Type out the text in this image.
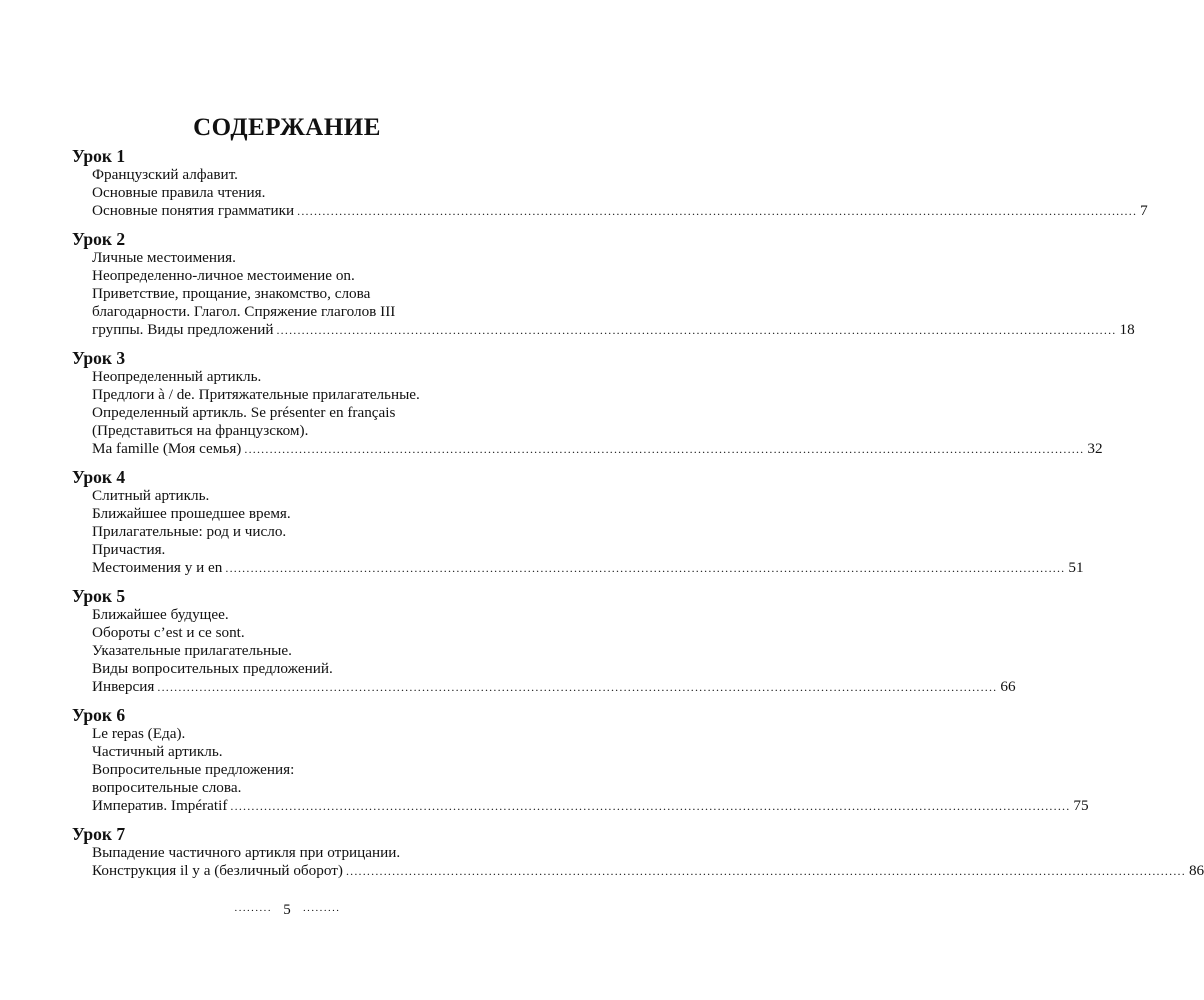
СОДЕРЖАНИЕ
Урок 1
Французский алфавит.
Основные правила чтения.
Основные понятия грамматики ........................................................................................................................................................................................................ 7
Урок 2
Личные местоимения.
Неопределенно-личное местоимение on.
Приветствие, прощание, знакомство, слова
благодарности. Глагол. Спряжение глаголов III
группы. Виды предложений ........................................................................................................................................................................................................ 18
Урок 3
Неопределенный артикль.
Предлоги à / de. Притяжательные прилагательные.
Определенный артикль. Se présenter en français
(Представиться на французском).
Ma famille (Моя семья) ........................................................................................................................................................................................................ 32
Урок 4
Слитный артикль.
Ближайшее прошедшее время.
Прилагательные: род и число.
Причастия.
Местоимения y и en ........................................................................................................................................................................................................ 51
Урок 5
Ближайшее будущее.
Обороты c’est и ce sont.
Указательные прилагательные.
Виды вопросительных предложений.
Инверсия ........................................................................................................................................................................................................ 66
Урок 6
Le repas (Еда).
Частичный артикль.
Вопросительные предложения:
вопросительные слова.
Императив. Impératif ........................................................................................................................................................................................................ 75
Урок 7
Выпадение частичного артикля при отрицании.
Конструкция il y a (безличный оборот) ........................................................................................................................................................................................................ 86
········· 5 ·········
